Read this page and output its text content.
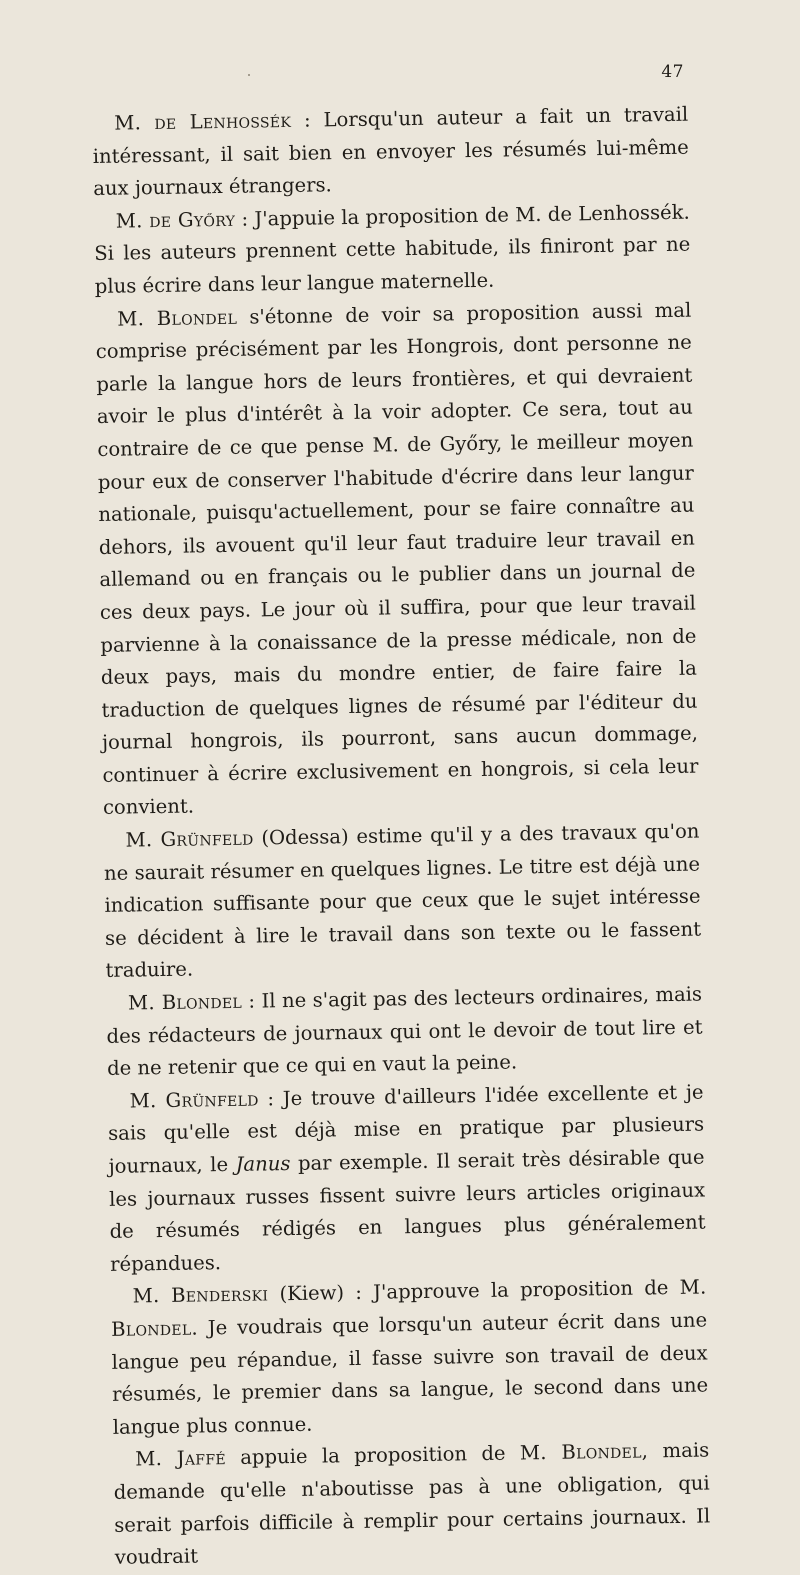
47

M. de Lenhossék : Lorsqu'un auteur a fait un travail intéressant, il sait bien en envoyer les résumés lui-même aux journaux étrangers.

M. de Győry : J'appuie la proposition de M. de Lenhossék. Si les auteurs prennent cette habitude, ils finiront par ne plus écrire dans leur langue maternelle.

M. Blondel s'étonne de voir sa proposition aussi mal comprise précisément par les Hongrois, dont personne ne parle la langue hors de leurs frontières, et qui devraient avoir le plus d'intérêt à la voir adopter. Ce sera, tout au contraire de ce que pense M. de Győry, le meilleur moyen pour eux de conserver l'habitude d'écrire dans leur langur nationale, puisqu'actuellement, pour se faire connaître au dehors, ils avouent qu'il leur faut traduire leur travail en allemand ou en français ou le publier dans un journal de ces deux pays. Le jour où il suffira, pour que leur travail parvienne à la conaissance de la presse médicale, non de deux pays, mais du mondre entier, de faire faire la traduction de quelques lignes de résumé par l'éditeur du journal hongrois, ils pourront, sans aucun dommage, continuer à écrire exclusivement en hongrois, si cela leur convient.

M. Grünfeld (Odessa) estime qu'il y a des travaux qu'on ne saurait résumer en quelques lignes. Le titre est déjà une indication suffisante pour que ceux que le sujet intéresse se décident à lire le travail dans son texte ou le fassent traduire.

M. Blondel : Il ne s'agit pas des lecteurs ordinaires, mais des rédacteurs de journaux qui ont le devoir de tout lire et de ne retenir que ce qui en vaut la peine.

M. Grünfeld : Je trouve d'ailleurs l'idée excellente et je sais qu'elle est déjà mise en pratique par plusieurs journaux, le Janus par exemple. Il serait très désirable que les journaux russes fissent suivre leurs articles originaux de résumés rédigés en langues plus généralement répandues.

M. Benderski (Kiew) : J'approuve la proposition de M. Blondel. Je voudrais que lorsqu'un auteur écrit dans une langue peu répandue, il fasse suivre son travail de deux résumés, le premier dans sa langue, le second dans une langue plus connue.

M. Jaffé appuie la proposition de M. Blondel, mais demande qu'elle n'aboutisse pas à une obligation, qui serait parfois difficile à remplir pour certains journaux. Il voudrait
